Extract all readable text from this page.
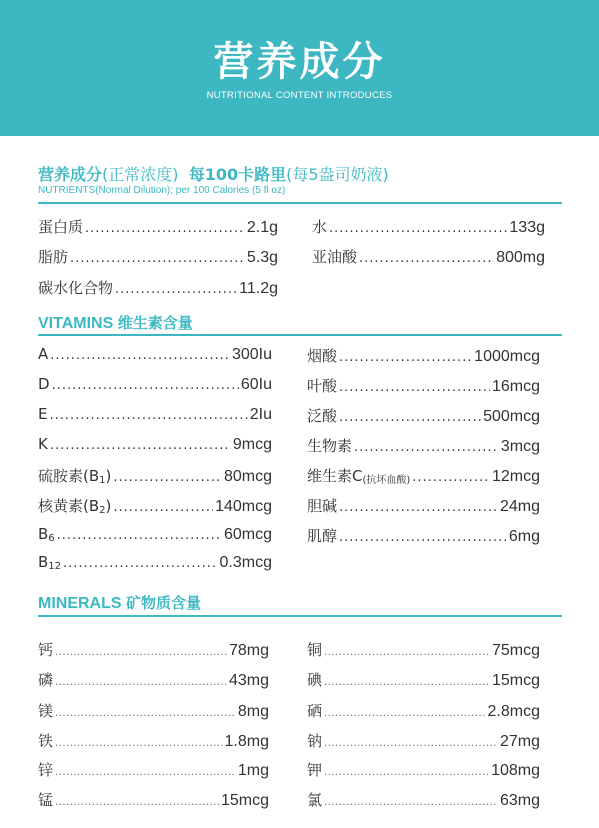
营养成分
NUTRITIONAL CONTENT INTRODUCES
营养成分(正常浓度) 每100卡路里(每5盎司奶液)
NUTRIENTS(Normal Dilution); per 100 Calories (5 fl oz)
蛋白质 .....	2.1g
脂肪 .....	5.3g
碳水化合物 .....	11.2g
水 .....	133g
亚油酸 .....	800mg
VITAMINS 维生素含量
A .....	300Iu
D .....	60Iu
E .....	2Iu
K .....	9mcg
硫胺素$(B_1)$ .....	80mcg
核黄素$(B_2)$ .....	140mcg
$B_6$ .....	60mcg
$B_{12}$ .....	0.3mcg
烟酸 .....	1000mcg
叶酸 .....	16mcg
泛酸 .....	500mcg
生物素 .....	3mcg
维生素$C_{(抗坏血酸)}$ .....	12mcg
胆碱 .....	24mg
肌醇 .....	6mg
MINERALS 矿物质含量
钙 .....	78mg
磷 .....	43mg
镁 .....	8mg
铁 .....	1.8mg
锌 .....	1mg
锰 .....	15mcg
铜 .....	75mcg
碘 .....	15mcg
硒 .....	2.8mcg
钠 .....	27mg
钾 .....	108mg
氯 .....	63mg
